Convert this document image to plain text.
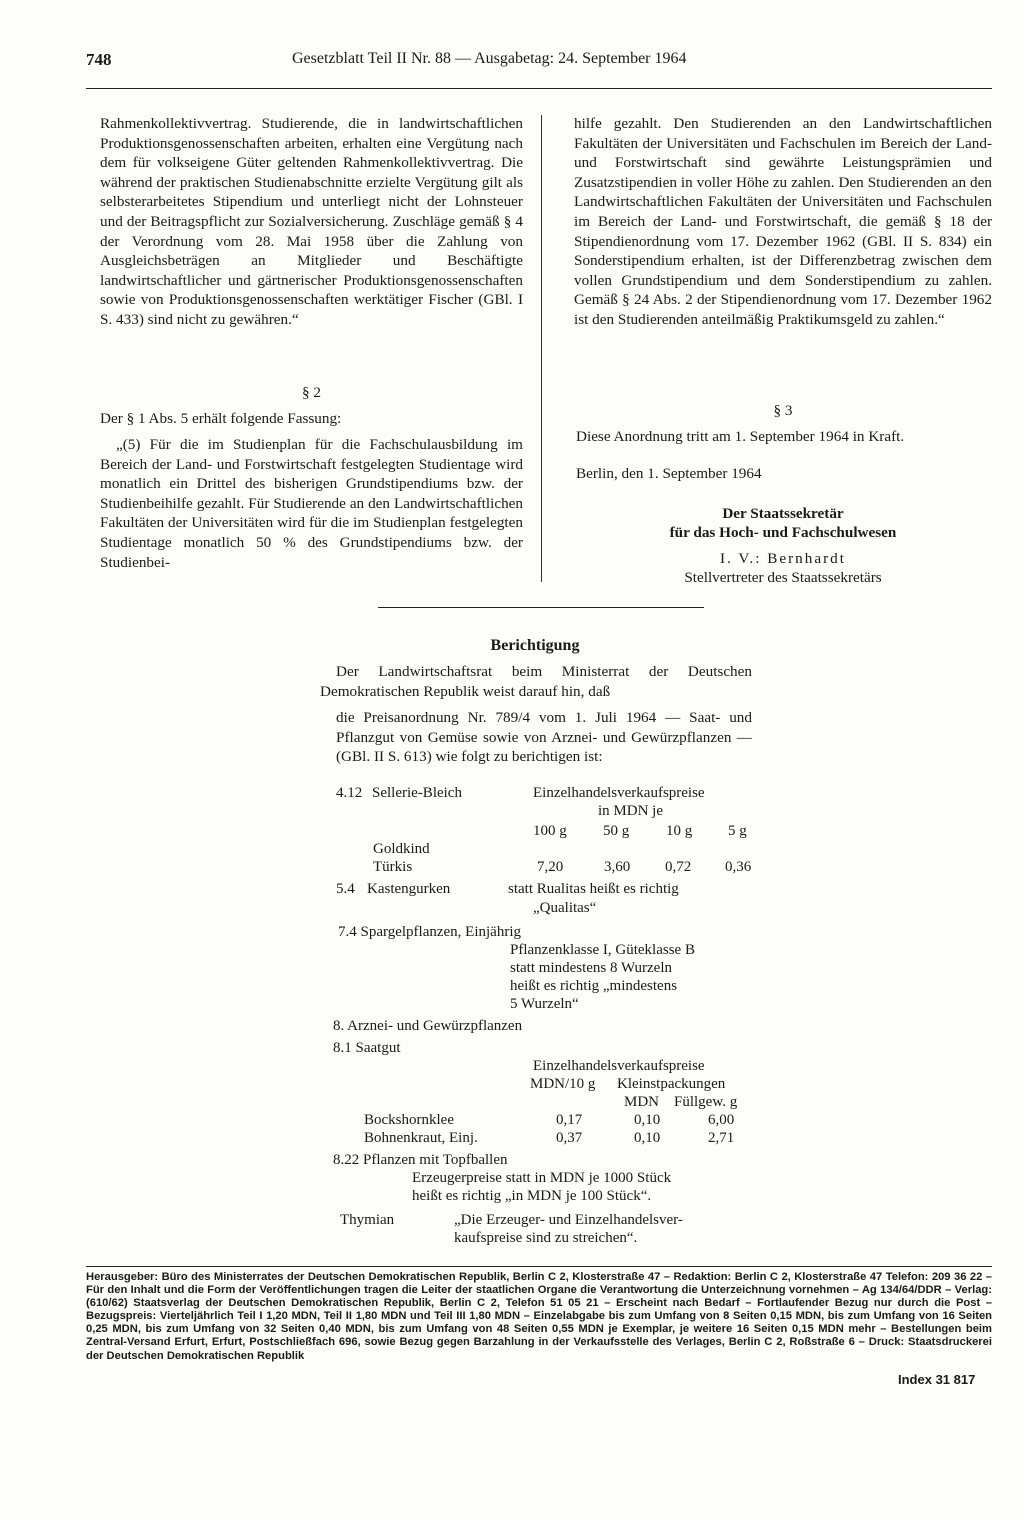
748	Gesetzblatt Teil II Nr. 88 — Ausgabetag: 24. September 1964

Rahmenkollektivvertrag. Studierende, die in landwirtschaftlichen Produktionsgenossenschaften arbeiten, erhalten eine Vergütung nach dem für volkseigene Güter geltenden Rahmenkollektivvertrag. Die während der praktischen Studienabschnitte erzielte Vergütung gilt als selbsterarbeitetes Stipendium und unterliegt nicht der Lohnsteuer und der Beitragspflicht zur Sozialversicherung. Zuschläge gemäß § 4 der Verordnung vom 28. Mai 1958 über die Zahlung von Ausgleichsbeträgen an Mitglieder und Beschäftigte landwirtschaftlicher und gärtnerischer Produktionsgenossenschaften sowie von Produktionsgenossenschaften werktätiger Fischer (GBl. I S. 433) sind nicht zu gewähren.“

§ 2
Der § 1 Abs. 5 erhält folgende Fassung:

„(5) Für die im Studienplan für die Fachschulausbildung im Bereich der Land- und Forstwirtschaft festgelegten Studientage wird monatlich ein Drittel des bisherigen Grundstipendiums bzw. der Studienbeihilfe gezahlt. Für Studierende an den Landwirtschaftlichen Fakultäten der Universitäten wird für die im Studienplan festgelegten Studientage monatlich 50 % des Grundstipendiums bzw. der Studienbei-

hilfe gezahlt. Den Studierenden an den Landwirtschaftlichen Fakultäten der Universitäten und Fachschulen im Bereich der Land- und Forstwirtschaft sind gewährte Leistungsprämien und Zusatzstipendien in voller Höhe zu zahlen. Den Studierenden an den Landwirtschaftlichen Fakultäten der Universitäten und Fachschulen im Bereich der Land- und Forstwirtschaft, die gemäß § 18 der Stipendienordnung vom 17. Dezember 1962 (GBl. II S. 834) ein Sonderstipendium erhalten, ist der Differenzbetrag zwischen dem vollen Grundstipendium und dem Sonderstipendium zu zahlen. Gemäß § 24 Abs. 2 der Stipendienordnung vom 17. Dezember 1962 ist den Studierenden anteilmäßig Praktikumsgeld zu zahlen.“

§ 3
Diese Anordnung tritt am 1. September 1964 in Kraft.
Berlin, den 1. September 1964
Der Staatssekretär
für das Hoch- und Fachschulwesen
I. V.: Bernhardt
Stellvertreter des Staatssekretärs
Berichtigung

Der Landwirtschaftsrat beim Ministerrat der Deutschen Demokratischen Republik weist darauf hin, daß

die Preisanordnung Nr. 789/4 vom 1. Juli 1964 — Saat- und Pflanzgut von Gemüse sowie von Arznei- und Gewürzpflanzen — (GBl. II S. 613) wie folgt zu berichtigen ist:

4.12 Sellerie-Bleich	Einzelhandelsverkaufspreise
in MDN je
100 g 50 g 10 g 5 g
Goldkind
Türkis	7,20	3,60 0,72 0,36
5.4 Kastengurken	statt Rualitas heißt es richtig
„Qualitas“
7.4 Spargelpflanzen, Einjährig
Pflanzenklasse I, Güteklasse B
statt mindestens 8 Wurzeln
heißt es richtig „mindestens
5 Wurzeln“
8. Arznei- und Gewürzpflanzen
8.1 Saatgut
Einzelhandelsverkaufspreise
MDN/10 g Kleinstpackungen
MDN Füllgew. g
Bockshornklee	0,17	0,10	6,00
Bohnenkraut, Einj.	0,37	0,10	2,71
8.22 Pflanzen mit Topfballen
Erzeugerpreise statt in MDN je 1000 Stück
heißt es richtig „in MDN je 100 Stück“.
Thymian	„Die Erzeuger- und Einzelhandelsver-
kaufspreise sind zu streichen“.

Herausgeber: Büro des Ministerrates der Deutschen Demokratischen Republik, Berlin C 2, Klosterstraße 47 – Redaktion: Berlin C 2, Klosterstraße 47 Telefon: 209 36 22 – Für den Inhalt und die Form der Veröffentlichungen tragen die Leiter der staatlichen Organe die Verantwortung die Unterzeichnung vornehmen – Ag 134/64/DDR – Verlag: (610/62) Staatsverlag der Deutschen Demokratischen Republik, Berlin C 2, Telefon 51 05 21 – Erscheint nach Bedarf – Fortlaufender Bezug nur durch die Post – Bezugspreis: Vierteljährlich Teil I 1,20 MDN, Teil II 1,80 MDN und Teil III 1,80 MDN – Einzelabgabe bis zum Umfang von 8 Seiten 0,15 MDN, bis zum Umfang von 16 Seiten 0,25 MDN, bis zum Umfang von 32 Seiten 0,40 MDN, bis zum Umfang von 48 Seiten 0,55 MDN je Exemplar, je weitere 16 Seiten 0,15 MDN mehr – Bestellungen beim Zentral-Versand Erfurt, Erfurt, Postschließfach 696, sowie Bezug gegen Barzahlung in der Verkaufsstelle des Verlages, Berlin C 2, Roßstraße 6 – Druck: Staatsdruckerei der Deutschen Demokratischen Republik

Index 31 817
